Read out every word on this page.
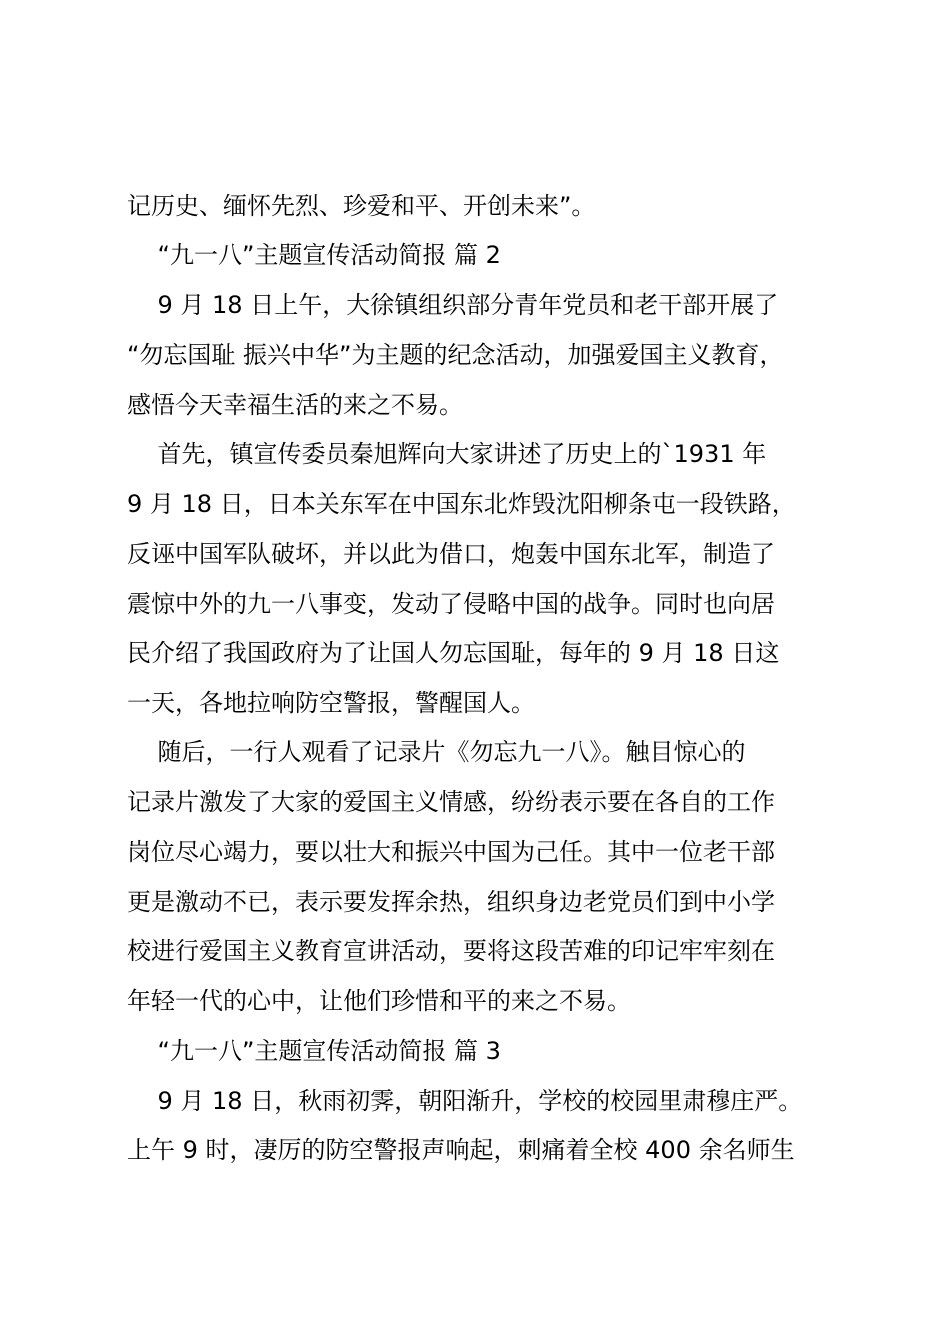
记历史、缅怀先烈、珍爱和平、开创未来”。
“九一八”主题宣传活动简报 篇 2
9 月 18 日上午，大徐镇组织部分青年党员和老干部开展了
“勿忘国耻 振兴中华”为主题的纪念活动，加强爱国主义教育，
感悟今天幸福生活的来之不易。
首先，镇宣传委员秦旭辉向大家讲述了历史上的`1931 年
9 月 18 日，日本关东军在中国东北炸毁沈阳柳条屯一段铁路，
反诬中国军队破坏，并以此为借口，炮轰中国东北军，制造了
震惊中外的九一八事变，发动了侵略中国的战争。同时也向居
民介绍了我国政府为了让国人勿忘国耻，每年的 9 月 18 日这
一天，各地拉响防空警报，警醒国人。
随后，一行人观看了记录片《勿忘九一八》。触目惊心的
记录片激发了大家的爱国主义情感，纷纷表示要在各自的工作
岗位尽心竭力，要以壮大和振兴中国为己任。其中一位老干部
更是激动不已，表示要发挥余热，组织身边老党员们到中小学
校进行爱国主义教育宣讲活动，要将这段苦难的印记牢牢刻在
年轻一代的心中，让他们珍惜和平的来之不易。
“九一八”主题宣传活动简报 篇 3
9 月 18 日，秋雨初霁，朝阳渐升，学校的校园里肃穆庄严。
上午 9 时，凄厉的防空警报声响起，刺痛着全校 400 余名师生
